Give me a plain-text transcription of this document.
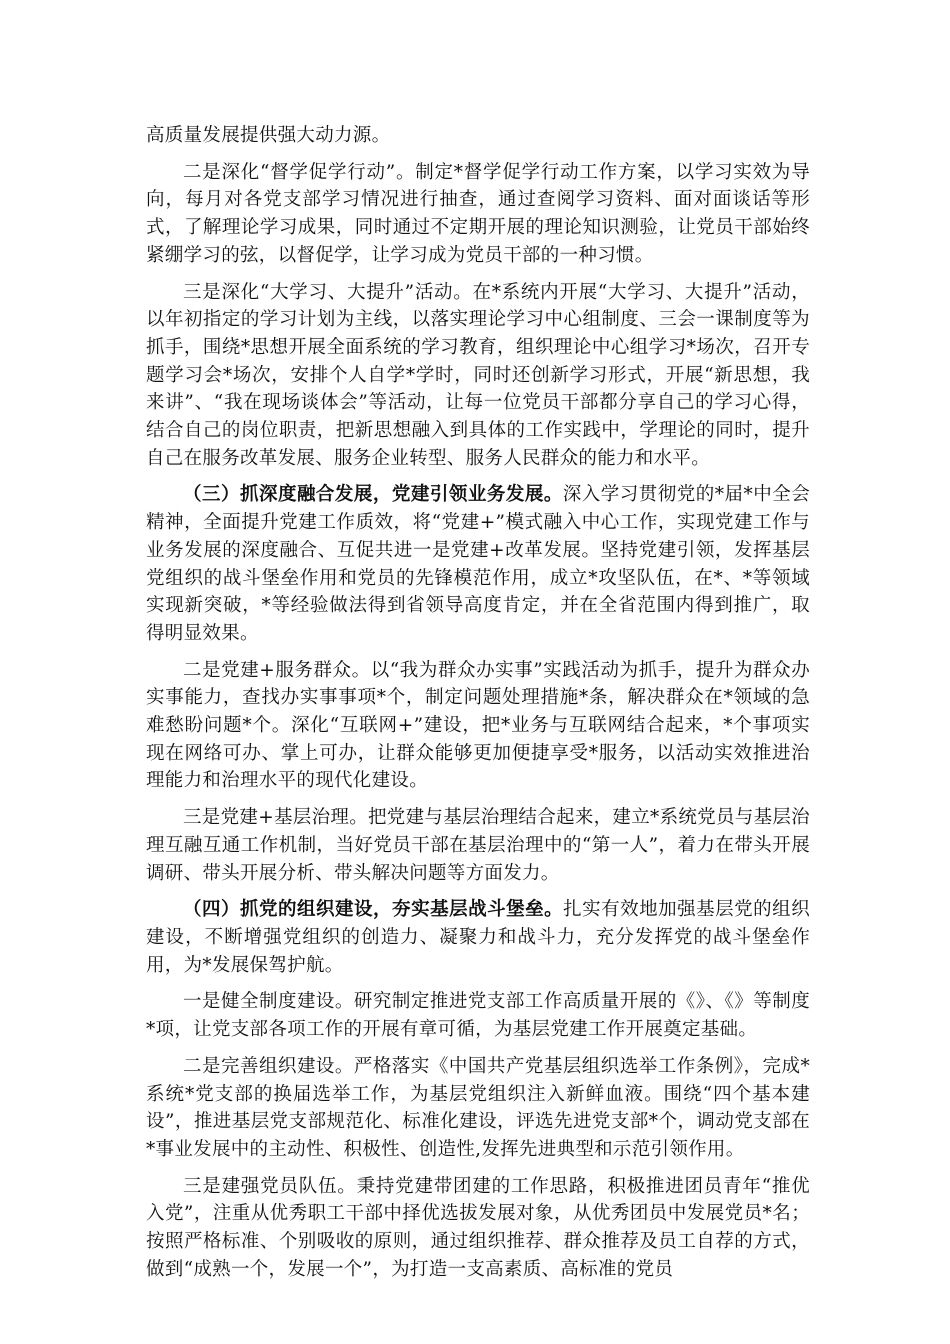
高质量发展提供强大动力源。

二是深化“督学促学行动”。制定*督学促学行动工作方案，以学习实效为导向，每月对各党支部学习情况进行抽查，通过查阅学习资料、面对面谈话等形式，了解理论学习成果，同时通过不定期开展的理论知识测验，让党员干部始终紧绷学习的弦，以督促学，让学习成为党员干部的一种习惯。

三是深化“大学习、大提升”活动。在*系统内开展“大学习、大提升”活动，以年初指定的学习计划为主线，以落实理论学习中心组制度、三会一课制度等为抓手，围绕*思想开展全面系统的学习教育，组织理论中心组学习*场次，召开专题学习会*场次，安排个人自学*学时，同时还创新学习形式，开展“新思想，我来讲”、“我在现场谈体会”等活动，让每一位党员干部都分享自己的学习心得，结合自己的岗位职责，把新思想融入到具体的工作实践中，学理论的同时，提升自己在服务改革发展、服务企业转型、服务人民群众的能力和水平。

（三）抓深度融合发展，党建引领业务发展。深入学习贯彻党的*届*中全会精神，全面提升党建工作质效，将“党建+”模式融入中心工作，实现党建工作与业务发展的深度融合、互促共进一是党建+改革发展。坚持党建引领，发挥基层党组织的战斗堡垒作用和党员的先锋模范作用，成立*攻坚队伍，在*、*等领域实现新突破，*等经验做法得到省领导高度肯定，并在全省范围内得到推广，取得明显效果。

二是党建+服务群众。以“我为群众办实事”实践活动为抓手，提升为群众办实事能力，查找办实事事项*个，制定问题处理措施*条，解决群众在*领域的急难愁盼问题*个。深化“互联网+”建设，把*业务与互联网结合起来，*个事项实现在网络可办、掌上可办，让群众能够更加便捷享受*服务，以活动实效推进治理能力和治理水平的现代化建设。

三是党建+基层治理。把党建与基层治理结合起来，建立*系统党员与基层治理互融互通工作机制，当好党员干部在基层治理中的“第一人”，着力在带头开展调研、带头开展分析、带头解决问题等方面发力。

（四）抓党的组织建设，夯实基层战斗堡垒。扎实有效地加强基层党的组织建设，不断增强党组织的创造力、凝聚力和战斗力，充分发挥党的战斗堡垒作用，为*发展保驾护航。

一是健全制度建设。研究制定推进党支部工作高质量开展的《》、《》等制度*项，让党支部各项工作的开展有章可循，为基层党建工作开展奠定基础。

二是完善组织建设。严格落实《中国共产党基层组织选举工作条例》，完成*系统*党支部的换届选举工作，为基层党组织注入新鲜血液。围绕“四个基本建设”，推进基层党支部规范化、标准化建设，评选先进党支部*个，调动党支部在*事业发展中的主动性、积极性、创造性,发挥先进典型和示范引领作用。

三是建强党员队伍。秉持党建带团建的工作思路，积极推进团员青年“推优入党”，注重从优秀职工干部中择优选拔发展对象，从优秀团员中发展党员*名；按照严格标准、个别吸收的原则，通过组织推荐、群众推荐及员工自荐的方式，做到“成熟一个，发展一个”，为打造一支高素质、高标准的党员
